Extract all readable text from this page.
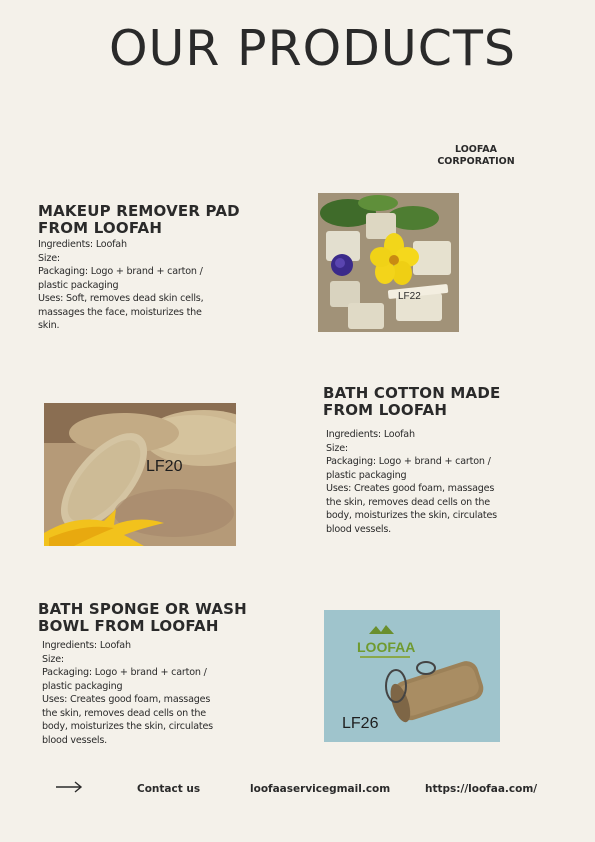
OUR PRODUCTS
LOOFAA
CORPORATION
MAKEUP REMOVER PAD
FROM LOOFAH
Ingredients: Loofah
Size:
Packaging: Logo + brand + carton / plastic packaging
Uses: Soft, removes dead skin cells, massages the face, moisturizes the skin.
LF22
LF20
BATH COTTON MADE
FROM LOOFAH
Ingredients: Loofah
Size:
Packaging: Logo + brand + carton / plastic packaging
Uses: Creates good foam, massages the skin, removes dead cells on the body, moisturizes the skin, circulates blood vessels.
BATH SPONGE OR WASH
BOWL FROM LOOFAH
Ingredients: Loofah
Size:
Packaging: Logo + brand + carton / plastic packaging
Uses: Creates good foam, massages the skin, removes dead cells on the body, moisturizes the skin, circulates blood vessels.
LOOFAA
LF26
Contact us	loofaaservicegmail.com	https://loofaa.com/
